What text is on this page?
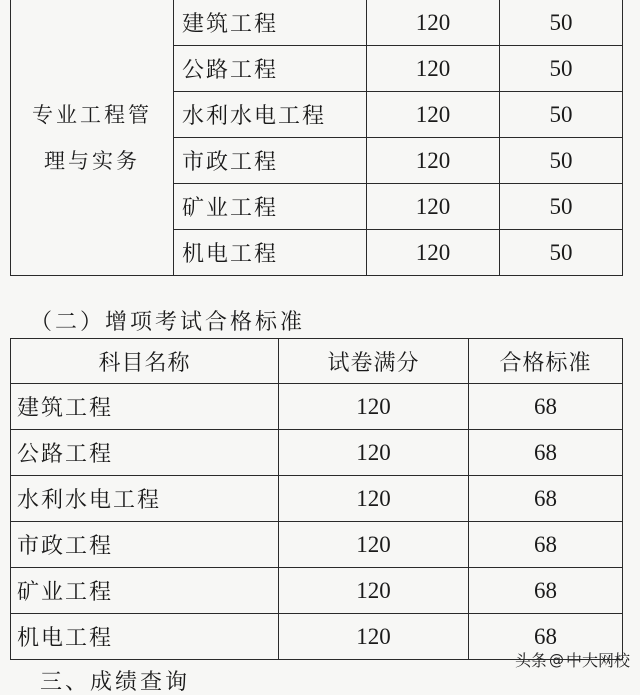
专业工程管
理与实务	建筑工程	120	50
	公路工程	120	50
	水利水电工程	120	50
	市政工程	120	50
	矿业工程	120	50
	机电工程	120	50
（二）增项考试合格标准
科目名称	试卷满分	合格标准
建筑工程	120	68
公路工程	120	68
水利水电工程	120	68
市政工程	120	68
矿业工程	120	68
机电工程	120	68
三、成绩查询
头条 @ 中大网校
